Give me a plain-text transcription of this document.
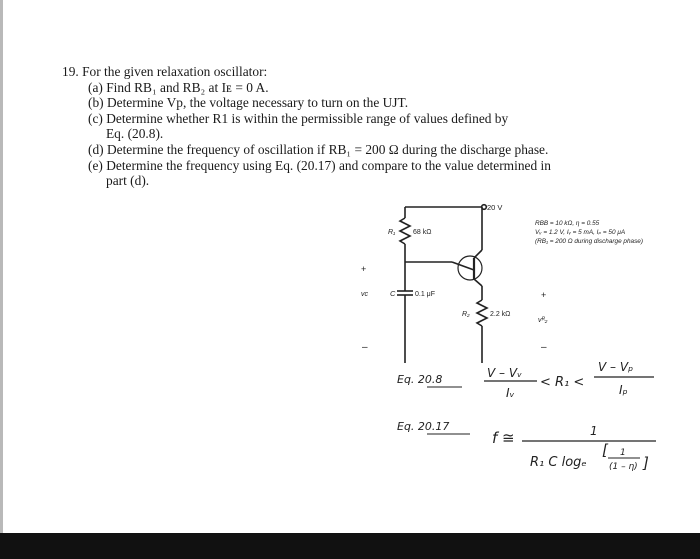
19. For the given relaxation oscillator:
(a) Find RB₁ and RB₂ at Iᴇ = 0 A.
(b) Determine Vp, the voltage necessary to turn on the UJT.
(c) Determine whether R1 is within the permissible range of values defined by
Eq. (20.8).
(d) Determine the frequency of oscillation if RB₁ = 200 Ω during the discharge phase.
(e) Determine the frequency using Eq. (20.17) and compare to the value determined in
part (d).
20 V
R₁	68 kΩ
C	0.1 μF
R₂	2.2 kΩ
vᴄ
+
–
vᴿ₂
+
–
RBB = 10 kΩ, η = 0.55
Vᵥ = 1.2 V, Iᵥ = 5 mA, Iₚ = 50 μA
(RB₁ = 200 Ω during discharge phase)
Eq. 20.8	V – Vᵥ
Iᵥ
< R₁ <
V – Vₚ
Iₚ
Eq. 20.17
f ≅	1
R₁ C logₑ
[ 1
(1 – η) ]
